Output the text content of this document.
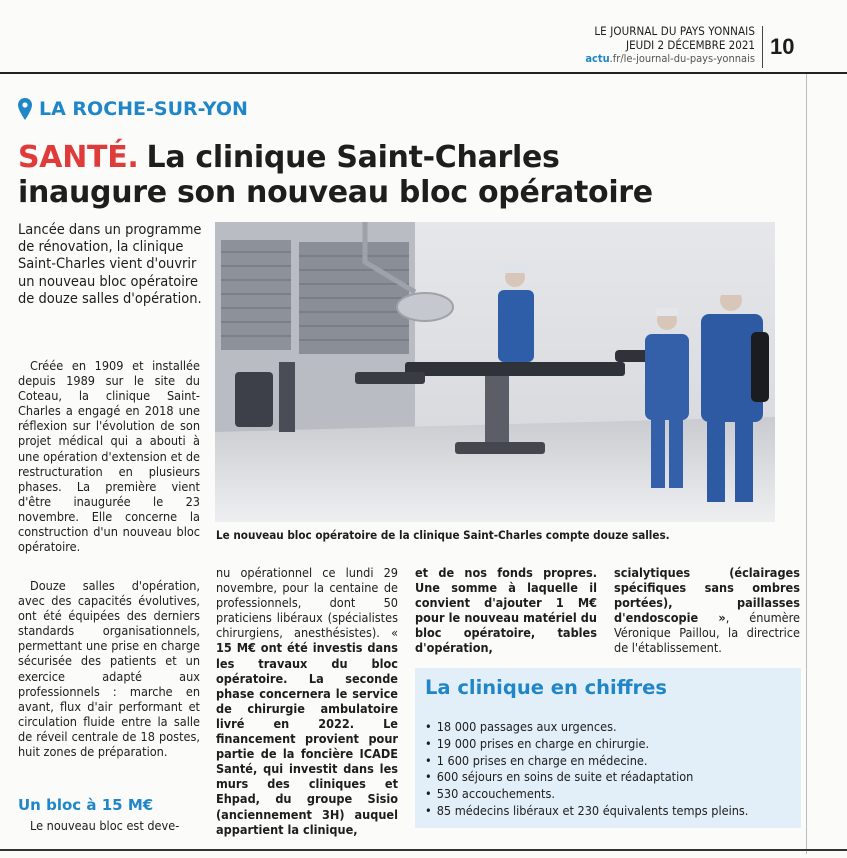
LE JOURNAL DU PAYS YONNAIS
JEUDI 2 DÉCEMBRE 2021
actu.fr/le-journal-du-pays-yonnais 10
LA ROCHE-SUR-YON
SANTÉ. La clinique Saint-Charles inaugure son nouveau bloc opératoire
Lancée dans un programme de rénovation, la clinique Saint-Charles vient d'ouvrir un nouveau bloc opératoire de douze salles d'opération.

Créée en 1909 et installée depuis 1989 sur le site du Coteau, la clinique Saint-Charles a engagé en 2018 une réflexion sur l'évolution de son projet médical qui a abouti à une opération d'extension et de restructuration en plusieurs phases. La première vient d'être inaugurée le 23 novembre. Elle concerne la construction d'un nouveau bloc opératoire.

Douze salles d'opération, avec des capacités évolutives, ont été équipées des derniers standards organisationnels, permettant une prise en charge sécurisée des patients et un exercice adapté aux professionnels : marche en avant, flux d'air performant et circulation fluide entre la salle de réveil centrale de 18 postes, huit zones de préparation.

Un bloc à 15 M€

Le nouveau bloc est deve-

Le nouveau bloc opératoire de la clinique Saint-Charles compte douze salles.
nu opérationnel ce lundi 29 novembre, pour la centaine de professionnels, dont 50 praticiens libéraux (spécialistes chirurgiens, anesthésistes). « 15 M€ ont été investis dans les travaux du bloc opératoire. La seconde phase concernera le service de chirurgie ambulatoire livré en 2022. Le financement provient pour partie de la foncière ICADE Santé, qui investit dans les murs des cliniques et Ehpad, du groupe Sisio (anciennement 3H) auquel appartient la clinique,
et de nos fonds propres. Une somme à laquelle il convient d'ajouter 1 M€ pour le nouveau matériel du bloc opératoire, tables d'opération,
scialytiques (éclairages spécifiques sans ombres portées), paillasses d'endoscopie », énumère Véronique Paillou, la directrice de l'établissement.
La clinique en chiffres
• 18 000 passages aux urgences.
• 19 000 prises en charge en chirurgie.
• 1 600 prises en charge en médecine.
• 600 séjours en soins de suite et réadaptation
• 530 accouchements.
• 85 médecins libéraux et 230 équivalents temps pleins.
